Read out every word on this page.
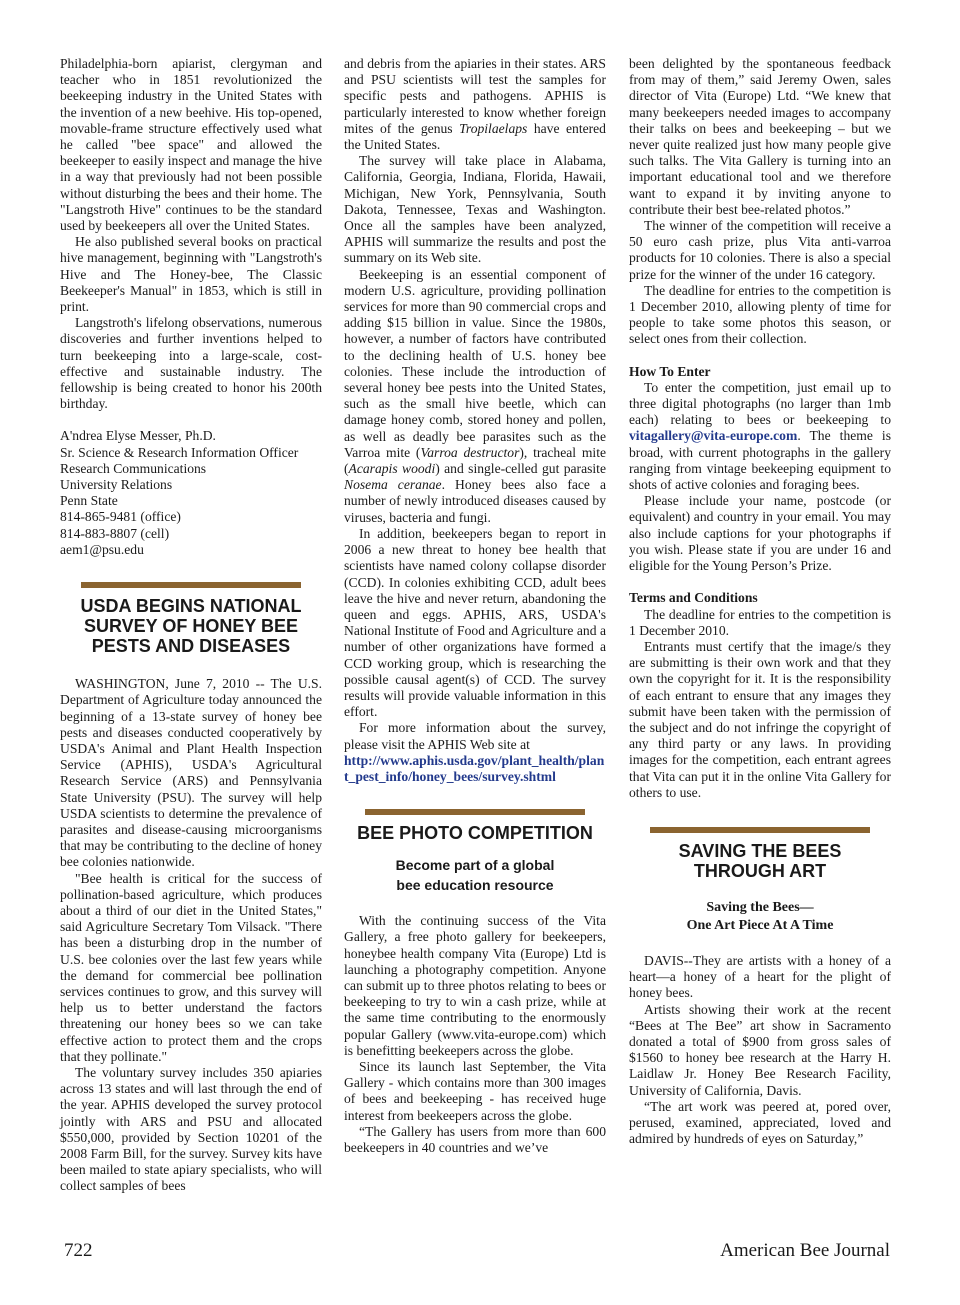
Philadelphia-born apiarist, clergyman and teacher who in 1851 revolutionized the beekeeping industry in the United States with the invention of a new beehive. His top-opened, movable-frame structure effectively used what he called "bee space" and allowed the beekeeper to easily inspect and manage the hive in a way that previously had not been possible without disturbing the bees and their home. The "Langstroth Hive" continues to be the standard used by beekeepers all over the United States.

He also published several books on practical hive management, beginning with "Langstroth's Hive and The Honey-bee, The Classic Beekeeper's Manual" in 1853, which is still in print.

Langstroth's lifelong observations, numerous discoveries and further inventions helped to turn beekeeping into a large-scale, cost-effective and sustainable industry. The fellowship is being created to honor his 200th birthday.

A'ndrea Elyse Messer, Ph.D.

Sr. Science & Research Information Officer

Research Communications

University Relations

Penn State

814-865-9481 (office)

814-883-8807 (cell)

aem1@psu.edu

USDA BEGINS NATIONAL
SURVEY OF HONEY BEE
PESTS AND DISEASES

WASHINGTON, June 7, 2010 -- The U.S. Department of Agriculture today announced the beginning of a 13-state survey of honey bee pests and diseases conducted cooperatively by USDA's Animal and Plant Health Inspection Service (APHIS), USDA's Agricultural Research Service (ARS) and Pennsylvania State University (PSU). The survey will help USDA scientists to determine the prevalence of parasites and disease-causing microorganisms that may be contributing to the decline of honey bee colonies nationwide.

"Bee health is critical for the success of pollination-based agriculture, which produces about a third of our diet in the United States," said Agriculture Secretary Tom Vilsack. "There has been a disturbing drop in the number of U.S. bee colonies over the last few years while the demand for commercial bee pollination services continues to grow, and this survey will help us to better understand the factors threatening our honey bees so we can take effective action to protect them and the crops that they pollinate."

The voluntary survey includes 350 apiaries across 13 states and will last through the end of the year. APHIS developed the survey protocol jointly with ARS and PSU and allocated $550,000, provided by Section 10201 of the 2008 Farm Bill, for the survey. Survey kits have been mailed to state apiary specialists, who will collect samples of bees

and debris from the apiaries in their states. ARS and PSU scientists will test the samples for specific pests and pathogens. APHIS is particularly interested to know whether foreign mites of the genus Tropilaelaps have entered the United States.

The survey will take place in Alabama, California, Georgia, Indiana, Florida, Hawaii, Michigan, New York, Pennsylvania, South Dakota, Tennessee, Texas and Washington. Once all the samples have been analyzed, APHIS will summarize the results and post the summary on its Web site.

Beekeeping is an essential component of modern U.S. agriculture, providing pollination services for more than 90 commercial crops and adding $15 billion in value. Since the 1980s, however, a number of factors have contributed to the declining health of U.S. honey bee colonies. These include the introduction of several honey bee pests into the United States, such as the small hive beetle, which can damage honey comb, stored honey and pollen, as well as deadly bee parasites such as the Varroa mite (Varroa destructor), tracheal mite (Acarapis woodi) and single-celled gut parasite Nosema ceranae. Honey bees also face a number of newly introduced diseases caused by viruses, bacteria and fungi.

In addition, beekeepers began to report in 2006 a new threat to honey bee health that scientists have named colony collapse disorder (CCD). In colonies exhibiting CCD, adult bees leave the hive and never return, abandoning the queen and eggs. APHIS, ARS, USDA's National Institute of Food and Agriculture and a number of other organizations have formed a CCD working group, which is researching the possible causal agent(s) of CCD. The survey results will provide valuable information in this effort.

For more information about the survey, please visit the APHIS Web site at

http://www.aphis.usda.gov/plant_health/plant_pest_info/honey_bees/survey.shtml

BEE PHOTO COMPETITION
Become part of a global
bee education resource

With the continuing success of the Vita Gallery, a free photo gallery for beekeepers, honeybee health company Vita (Europe) Ltd is launching a photography competition. Anyone can submit up to three photos relating to bees or beekeeping to try to win a cash prize, while at the same time contributing to the enormously popular Gallery (www.vita-europe.com) which is benefitting beekeepers across the globe.

Since its launch last September, the Vita Gallery - which contains more than 300 images of bees and beekeeping - has received huge interest from beekeepers across the globe.

“The Gallery has users from more than 600 beekeepers in 40 countries and we’ve

been delighted by the spontaneous feedback from may of them,” said Jeremy Owen, sales director of Vita (Europe) Ltd. “We knew that many beekeepers needed images to accompany their talks on bees and beekeeping – but we never quite realized just how many people give such talks. The Vita Gallery is turning into an important educational tool and we therefore want to expand it by inviting anyone to contribute their best bee-related photos.”

The winner of the competition will receive a 50 euro cash prize, plus Vita anti-varroa products for 10 colonies. There is also a special prize for the winner of the under 16 category.

The deadline for entries to the competition is 1 December 2010, allowing plenty of time for people to take some photos this season, or select ones from their collection.

How To Enter

To enter the competition, just email up to three digital photographs (no larger than 1mb each) relating to bees or beekeeping to vitagallery@vita-europe.com. The theme is broad, with current photographs in the gallery ranging from vintage beekeeping equipment to shots of active colonies and foraging bees.

Please include your name, postcode (or equivalent) and country in your email. You may also include captions for your photographs if you wish. Please state if you are under 16 and eligible for the Young Person’s Prize.

Terms and Conditions

The deadline for entries to the competition is 1 December 2010.

Entrants must certify that the image/s they are submitting is their own work and that they own the copyright for it. It is the responsibility of each entrant to ensure that any images they submit have been taken with the permission of the subject and do not infringe the copyright of any third party or any laws. In providing images for the competition, each entrant agrees that Vita can put it in the online Vita Gallery for others to use.

SAVING THE BEES
THROUGH ART
Saving the Bees—
One Art Piece At A Time

DAVIS--They are artists with a honey of a heart—a honey of a heart for the plight of honey bees.

Artists showing their work at the recent “Bees at The Bee” art show in Sacramento donated a total of $900 from gross sales of $1560 to honey bee research at the Harry H. Laidlaw Jr. Honey Bee Research Facility, University of California, Davis.

“The art work was peered at, pored over, perused, examined, appreciated, loved and admired by hundreds of eyes on Saturday,”

722	American Bee Journal
